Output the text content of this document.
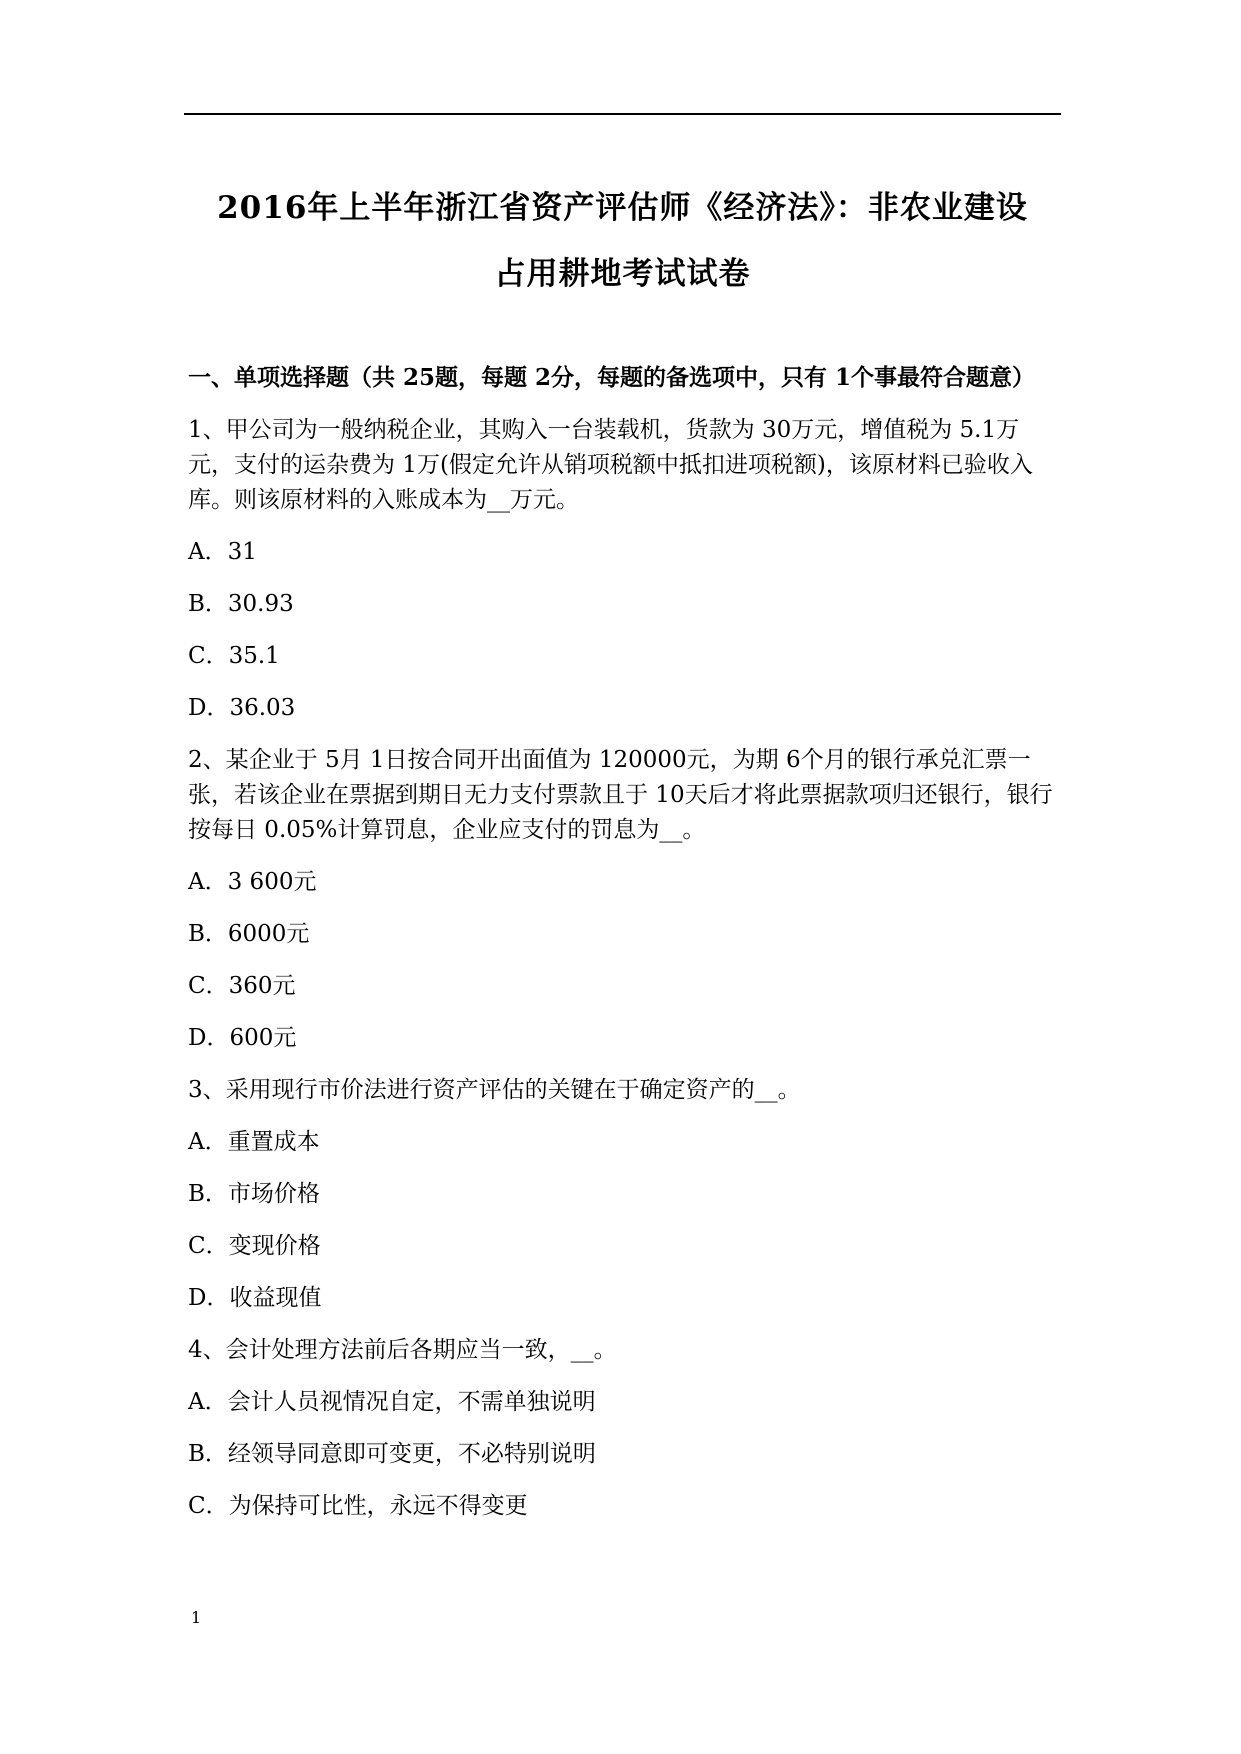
2016年上半年浙江省资产评估师《经济法》：非农业建设
占用耕地考试试卷
一、单项选择题（共 25题，每题 2分，每题的备选项中，只有 1个事最符合题意）
1、甲公司为一般纳税企业，其购入一台装载机，货款为 30万元，增值税为 5.1万元，支付的运杂费为 1万(假定允许从销项税额中抵扣进项税额)，该原材料已验收入库。则该原材料的入账成本为__万元。
A．31
B．30.93
C．35.1
D．36.03
2、某企业于 5月 1日按合同开出面值为 120000元，为期 6个月的银行承兑汇票一张，若该企业在票据到期日无力支付票款且于 10天后才将此票据款项归还银行，银行按每日 0.05%计算罚息，企业应支付的罚息为__。
A．3 600元
B．6000元
C．360元
D．600元
3、采用现行市价法进行资产评估的关键在于确定资产的__。
A．重置成本
B．市场价格
C．变现价格
D．收益现值
4、会计处理方法前后各期应当一致，__。
A．会计人员视情况自定，不需单独说明
B．经领导同意即可变更，不必特别说明
C．为保持可比性，永远不得变更
1
